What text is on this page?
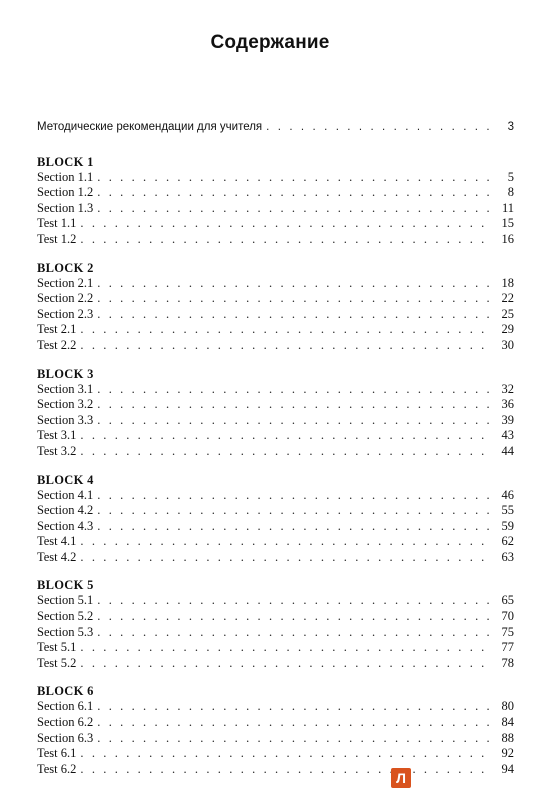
Содержание
Методические рекомендации для учителя . . .	3
BLOCK 1
Section 1.1 . . .	5
Section 1.2 . . .	8
Section 1.3 . . .	11
Test 1.1 . . .	15
Test 1.2 . . .	16
BLOCK 2
Section 2.1 . . .	18
Section 2.2 . . .	22
Section 2.3 . . .	25
Test 2.1 . . .	29
Test 2.2 . . .	30
BLOCK 3
Section 3.1 . . .	32
Section 3.2 . . .	36
Section 3.3 . . .	39
Test 3.1 . . .	43
Test 3.2 . . .	44
BLOCK 4
Section 4.1 . . .	46
Section 4.2 . . .	55
Section 4.3 . . .	59
Test 4.1 . . .	62
Test 4.2 . . .	63
BLOCK 5
Section 5.1 . . .	65
Section 5.2 . . .	70
Section 5.3 . . .	75
Test 5.1 . . .	77
Test 5.2 . . .	78
BLOCK 6
Section 6.1 . . .	80
Section 6.2 . . .	84
Section 6.3 . . .	88
Test 6.1 . . .	92
Test 6.2 . . .	94
Л
